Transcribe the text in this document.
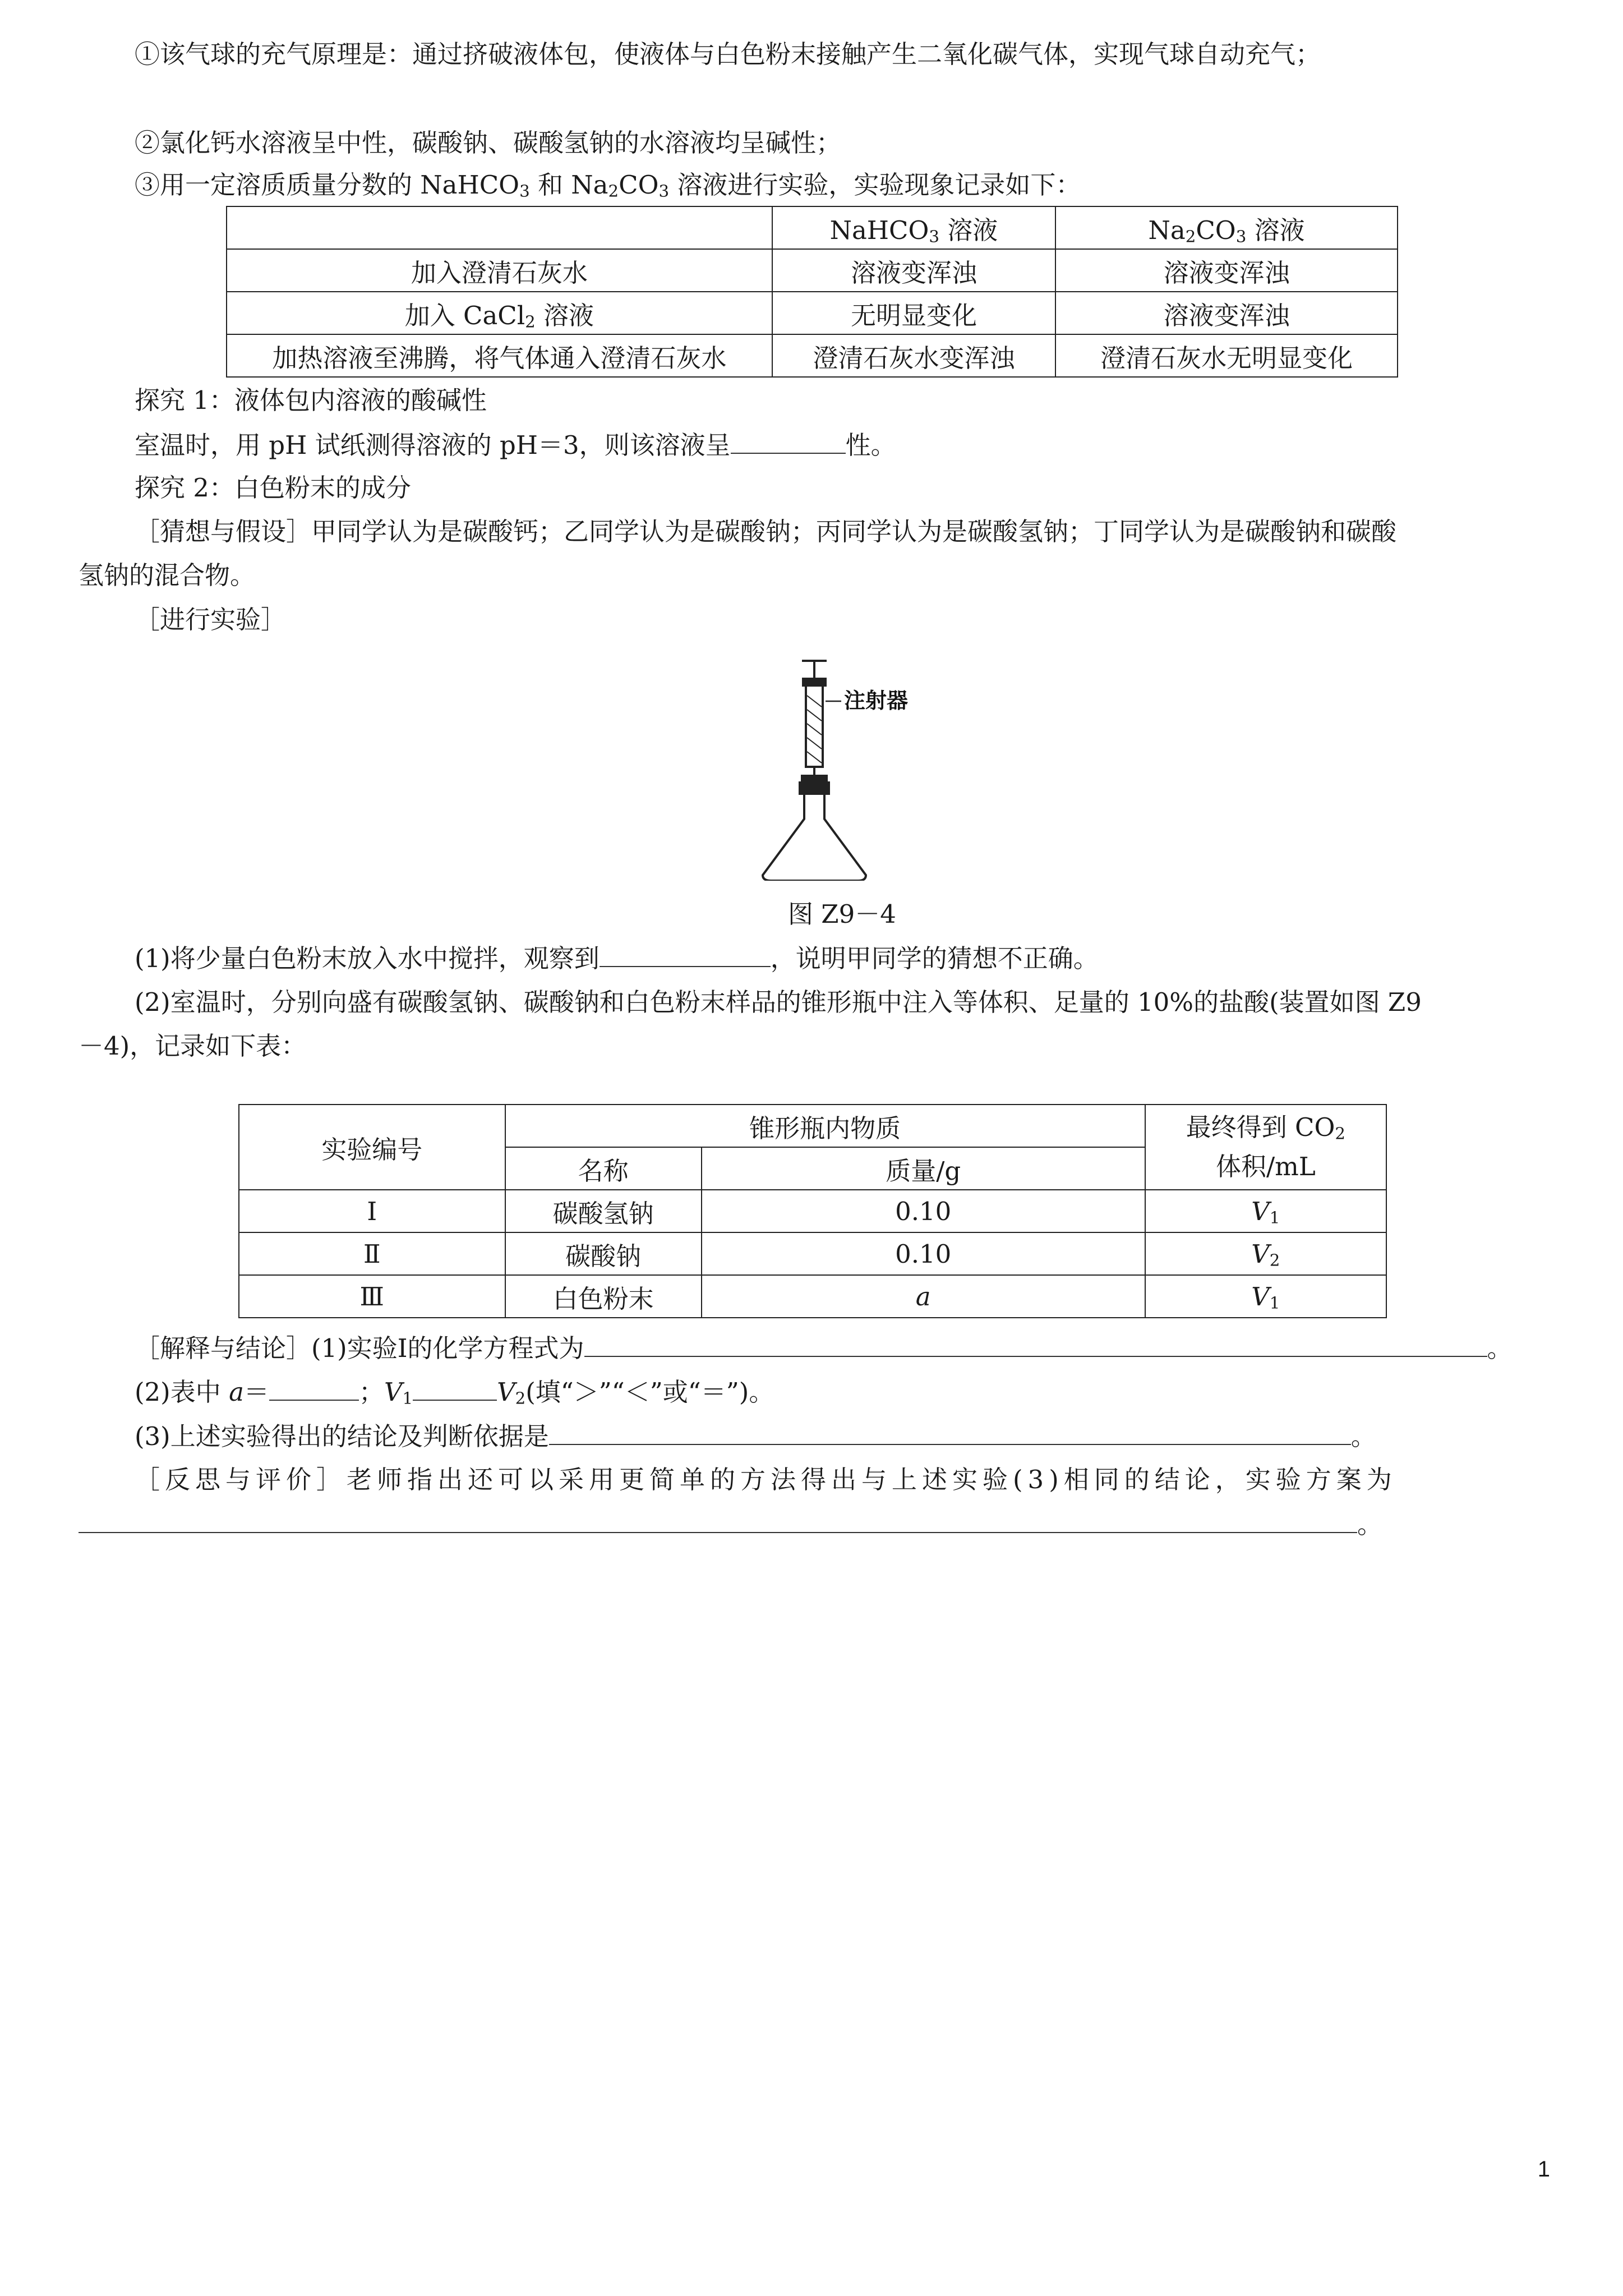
①该气球的充气原理是：通过挤破液体包，使液体与白色粉末接触产生二氧化碳气体，实现气球自动充气；
②氯化钙水溶液呈中性，碳酸钠、碳酸氢钠的水溶液均呈碱性；
③用一定溶质质量分数的 NaHCO$_3$ 和 $Na_2CO_3$ 溶液进行实验，实验现象记录如下：
	NaHCO$_3$ 溶液	$Na_2CO_3$ 溶液
加入澄清石灰水	溶液变浑浊	溶液变浑浊
加入 CaCl$_2$ 溶液	无明显变化	溶液变浑浊
加热溶液至沸腾，将气体通入澄清石灰水	澄清石灰水变浑浊	澄清石灰水无明显变化
探究 1：液体包内溶液的酸碱性
室温时，用 pH 试纸测得溶液的 pH＝3，则该溶液呈	性。
探究 2：白色粉末的成分
［猜想与假设］甲同学认为是碳酸钙；乙同学认为是碳酸钠；丙同学认为是碳酸氢钠；丁同学认为是碳酸钠和碳酸
氢钠的混合物。
［进行实验］
注射器
图 Z9－4
(1)将少量白色粉末放入水中搅拌，观察到	，说明甲同学的猜想不正确。
(2)室温时，分别向盛有碳酸氢钠、碳酸钠和白色粉末样品的锥形瓶中注入等体积、足量的 10%的盐酸(装置如图 Z9
－4)，记录如下表：
实验编号	锥形瓶内物质		最终得到 $CO_2$
体积/mL
	名称	质量/g	
Ⅰ	碳酸氢钠	0.10	$V_1$
Ⅱ	碳酸钠	0.10	$V_2$
Ⅲ	白色粉末	a	$V_1$
［解释与结论］(1)实验Ⅰ的化学方程式为	。
(2)表中 a＝	；$V_1$	$V_2$(填“＞”“＜”或“＝”)。
(3)上述实验得出的结论及判断依据是	。
［反思与评价］老师指出还可以采用更简单的方法得出与上述实验(3)相同的结论，实验方案为
。
1
